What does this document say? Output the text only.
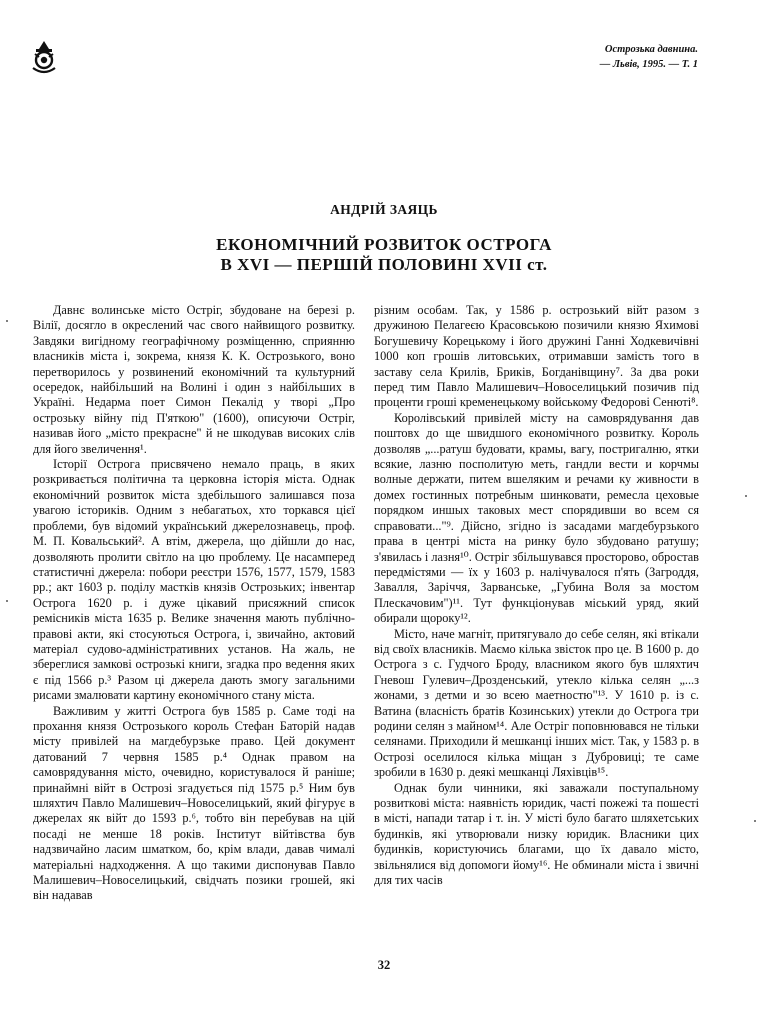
Острозька давнина.
— Львів, 1995. — Т. 1
АНДРІЙ ЗАЯЦЬ
ЕКОНОМІЧНИЙ РОЗВИТОК ОСТРОГА
В XVI — ПЕРШІЙ ПОЛОВИНІ XVII ст.

Давнє волинське місто Остріг, збудоване на березі р. Вілії, досягло в окреслений час свого найвищого розвитку. Завдяки вигідному географічному розміщенню, сприянню власників міста і, зокрема, князя К. К. Острозького, воно перетворилось у розвинений економічний та культурний осередок, найбільший на Волині і один з найбільших в Україні. Недарма поет Симон Пекалід у творі „Про острозьку війну під П'яткою" (1600), описуючи Остріг, називав його „місто прекрасне" й не шкодував високих слів для його звеличення¹.

Історії Острога присвячено немало праць, в яких розкривається політична та церковна історія міста. Однак економічний розвиток міста здебільшого залишався поза увагою істориків. Одним з небагатьох, хто торкався цієї проблеми, був відомий український джерелознавець, проф. М. П. Ковальський². А втім, джерела, що дійшли до нас, дозволяють пролити світло на цю проблему. Це насамперед статистичні джерела: побори реєстри 1576, 1577, 1579, 1583 рр.; акт 1603 р. поділу мастків князів Острозьких; інвентар Острога 1620 р. і дуже цікавий присяжний список ремісників міста 1635 р. Велике значення мають публічно-правові акти, які стосуються Острога, і, звичайно, актовий матеріал судово-адміністративних установ. На жаль, не збереглися замкові острозькі книги, згадка про ведення яких є під 1566 р.³ Разом ці джерела дають змогу загальними рисами змалювати картину економічного стану міста.

Важливим у житті Острога був 1585 р. Саме тоді на прохання князя Острозького король Стефан Баторій надав місту привілей на магдебурзьке право. Цей документ датований 7 червня 1585 р.⁴ Однак правом на самоврядування місто, очевидно, користувалося й раніше; принаймні війт в Острозі згадується під 1575 р.⁵ Ним був шляхтич Павло Малишевич–Новоселицький, який фігурує в джерелах як війт до 1593 р.⁶, тобто він перебував на цій посаді не менше 18 років. Інститут війтівства був надзвичайно ласим шматком, бо, крім влади, давав чималі матеріальні надходження. А що такими диспонував Павло Малишевич–Новоселицький, свідчать позики грошей, які він надавав

різним особам. Так, у 1586 р. острозький війт разом з дружиною Пелагеєю Красовською позичили князю Яхимові Богушевичу Корецькому і його дружині Ганні Ходкевичівні 1000 коп грошів литовських, отримавши замість того в заставу села Крилів, Бриків, Богданівщину⁷. За два роки перед тим Павло Малишевич–Новоселицький позичив під проценти гроші кременецькому войському Федорові Сенюті⁸.

Королівський привілей місту на самоврядування дав поштовх до ще швидшого економічного розвитку. Король дозволяв „...ратуш будовати, крамы, вагу, постригалню, ятки всякие, лазню посполитую меть, гандли вести и корчмы волные держати, питем вшеляким и речами ку живности в домех гостинных потребным шинковати, ремесла цеховые порядком иншых таковых мест спорядивши во всем ся справовати..."⁹. Дійсно, згідно із засадами магдебурзького права в центрі міста на ринку було збудовано ратушу; з'явилась і лазня¹⁰. Остріг збільшувався просторово, обростав передмістями — їх у 1603 р. налічувалося п'ять (Загроддя, Завалля, Заріччя, Зарванське, „Губина Воля за мостом Плескачовим")¹¹. Тут функціонував міський уряд, який обирали щороку¹².

Місто, наче магніт, притягувало до себе селян, які втікали від своїх власників. Маємо кілька звісток про це. В 1600 р. до Острога з с. Гудчого Броду, власником якого був шляхтич Гневош Гулевич–Дрозденський, утекло кілька селян „...з жонами, з детми и зо всею маетностю"¹³. У 1610 р. із с. Ватина (власність братів Козинських) утекли до Острога три родини селян з майном¹⁴. Але Остріг поповнювався не тільки селянами. Приходили й мешканці інших міст. Так, у 1583 р. в Острозі оселилося кілька міщан з Дубровиці; те саме зробили в 1630 р. деякі мешканці Ляхівців¹⁵.

Однак були чинники, які заважали поступальному розвиткові міста: наявність юридик, часті пожежі та пошесті в місті, напади татар і т. ін. У місті було багато шляхетських будинків, які утворювали низку юридик. Власники цих будинків, користуючись благами, що їх давало місто, звільнялися від допомоги йому¹⁶. Не обминали міста і звичні для тих часів

32
